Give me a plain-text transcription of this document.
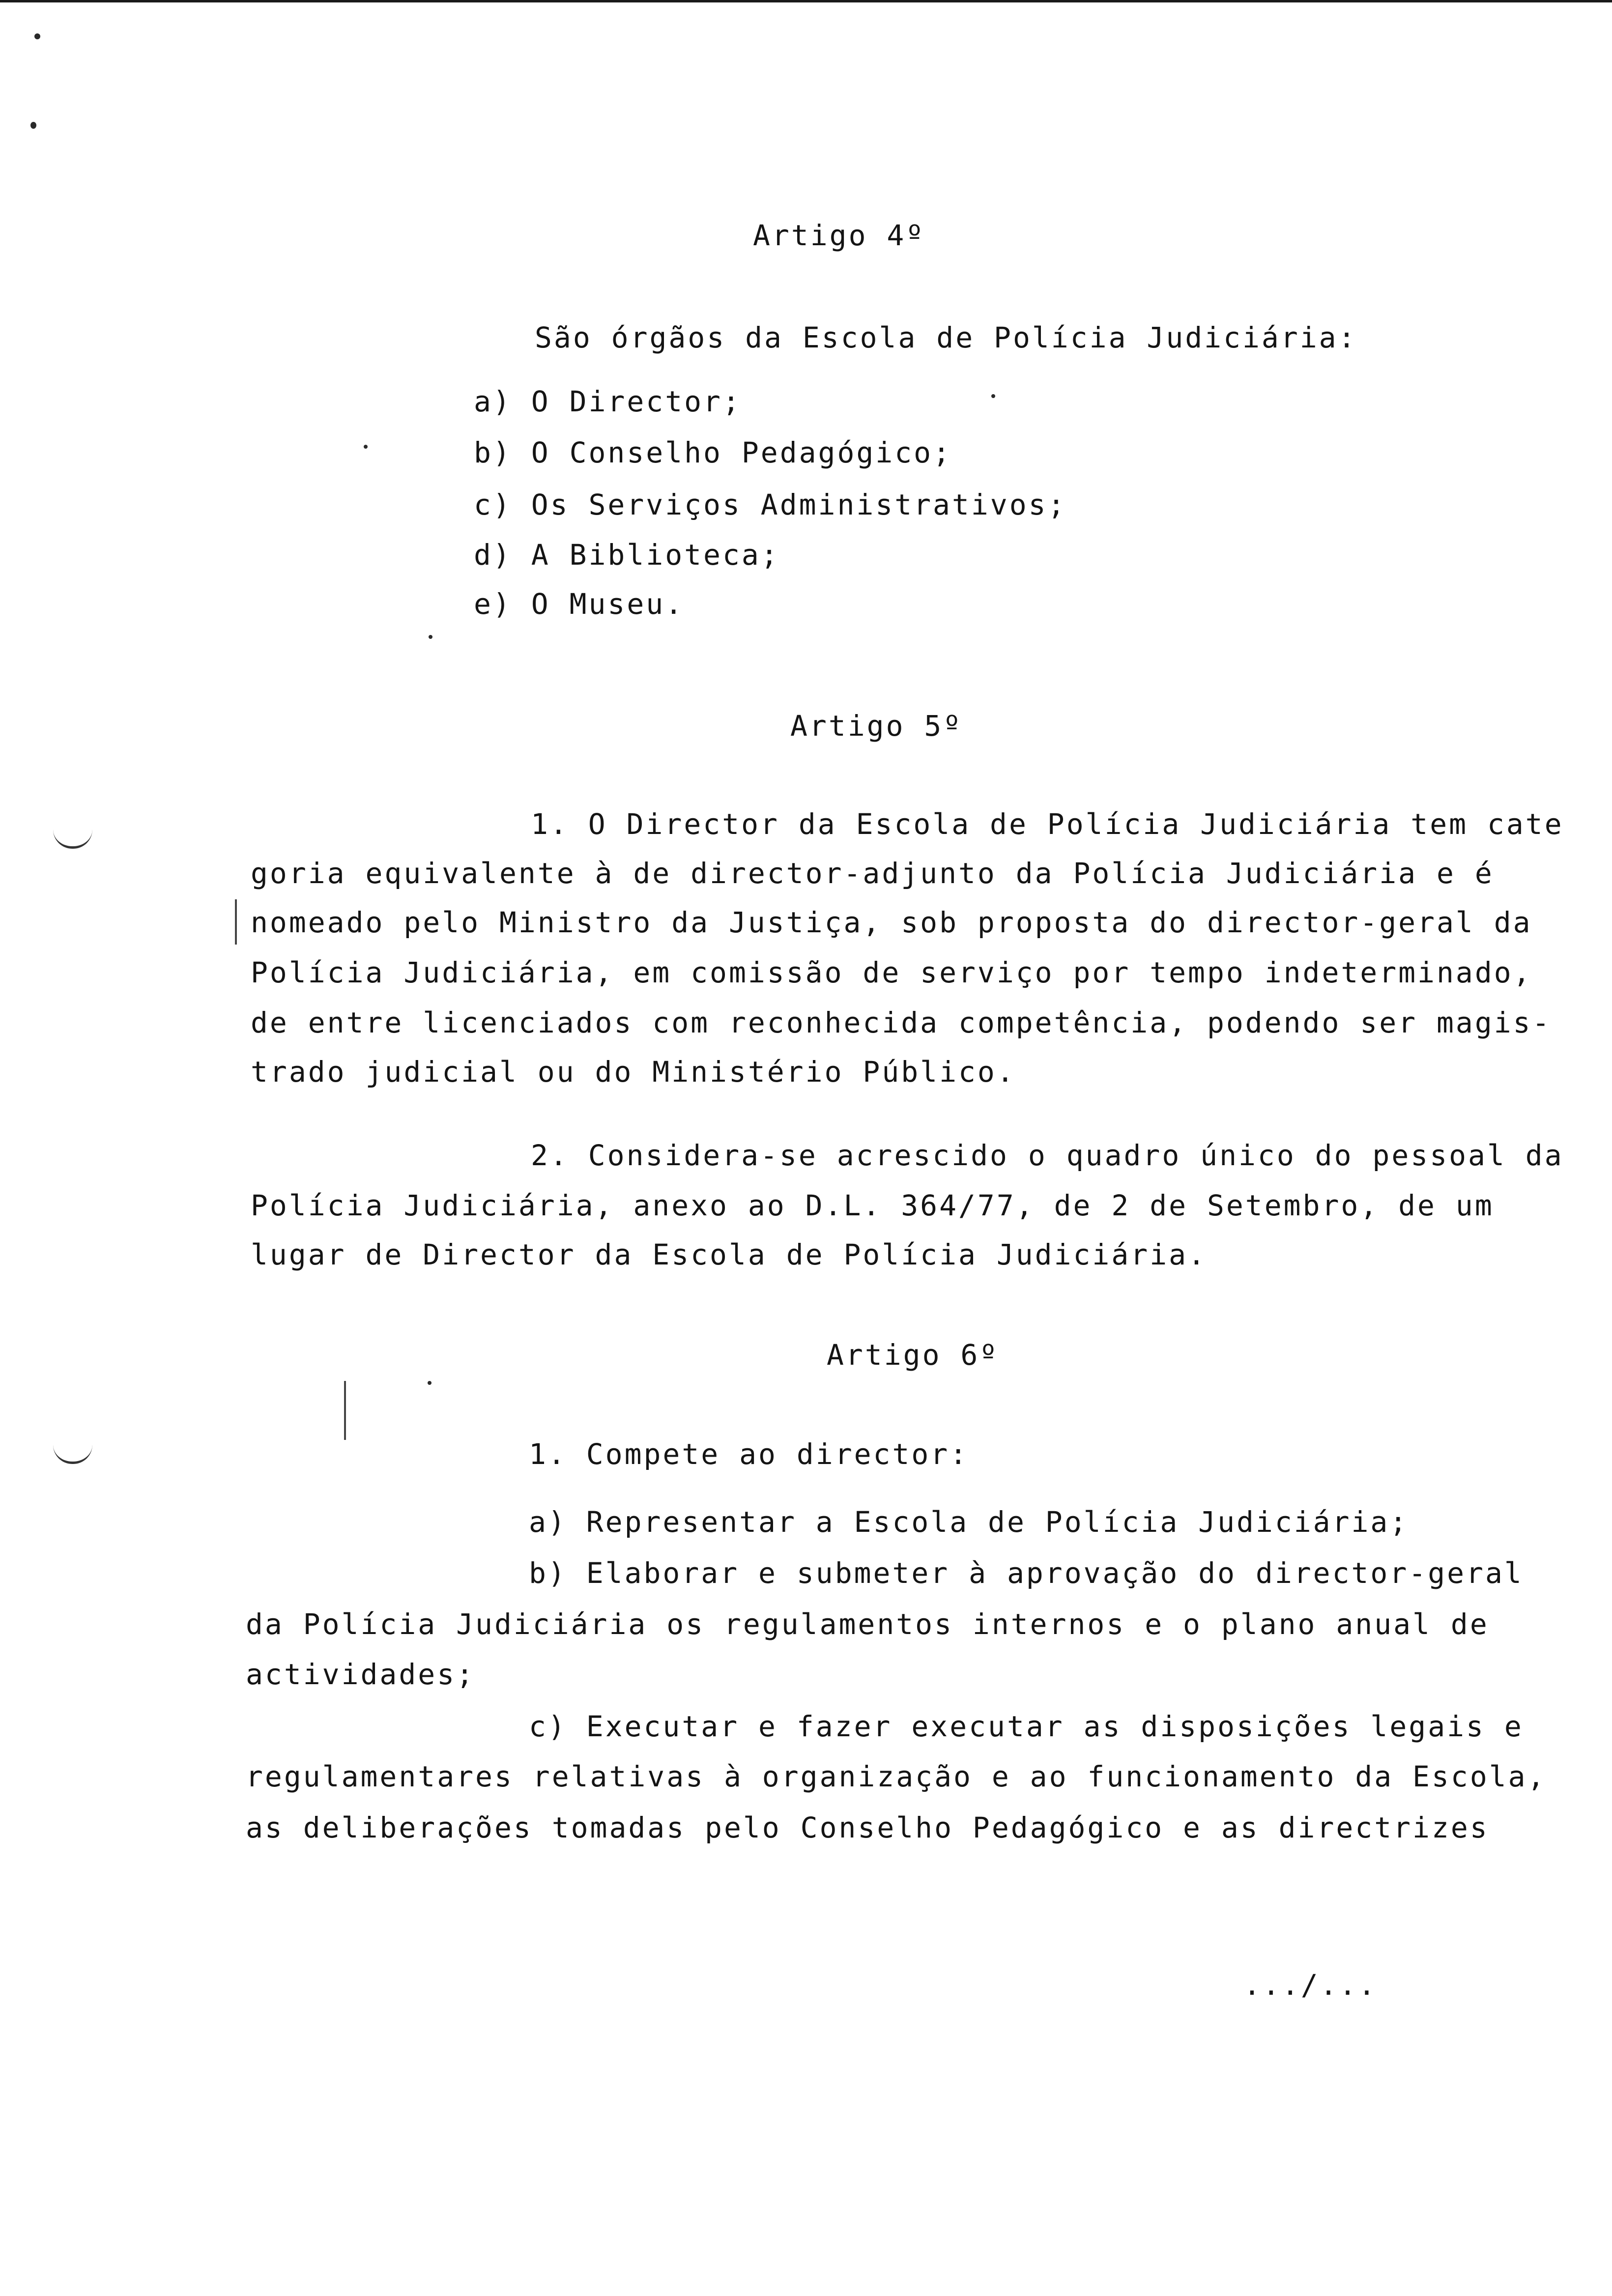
Artigo 4º
São órgãos da Escola de Polícia Judiciária:
a) O Director;
b) O Conselho Pedagógico;
c) Os Serviços Administrativos;
d) A Biblioteca;
e) O Museu.
Artigo 5º
1. O Director da Escola de Polícia Judiciária tem cate
goria equivalente à de director-adjunto da Polícia Judiciária e é
nomeado pelo Ministro da Justiça, sob proposta do director-geral da
Polícia Judiciária, em comissão de serviço por tempo indeterminado,
de entre licenciados com reconhecida competência, podendo ser magis-
trado judicial ou do Ministério Público.
2. Considera-se acrescido o quadro único do pessoal da
Polícia Judiciária, anexo ao D.L. 364/77, de 2 de Setembro, de um
lugar de Director da Escola de Polícia Judiciária.
Artigo 6º
1. Compete ao director:
a) Representar a Escola de Polícia Judiciária;
b) Elaborar e submeter à aprovação do director-geral
da Polícia Judiciária os regulamentos internos e o plano anual de
actividades;
c) Executar e fazer executar as disposições legais e
regulamentares relativas à organização e ao funcionamento da Escola,
as deliberações tomadas pelo Conselho Pedagógico e as directrizes
.../...
